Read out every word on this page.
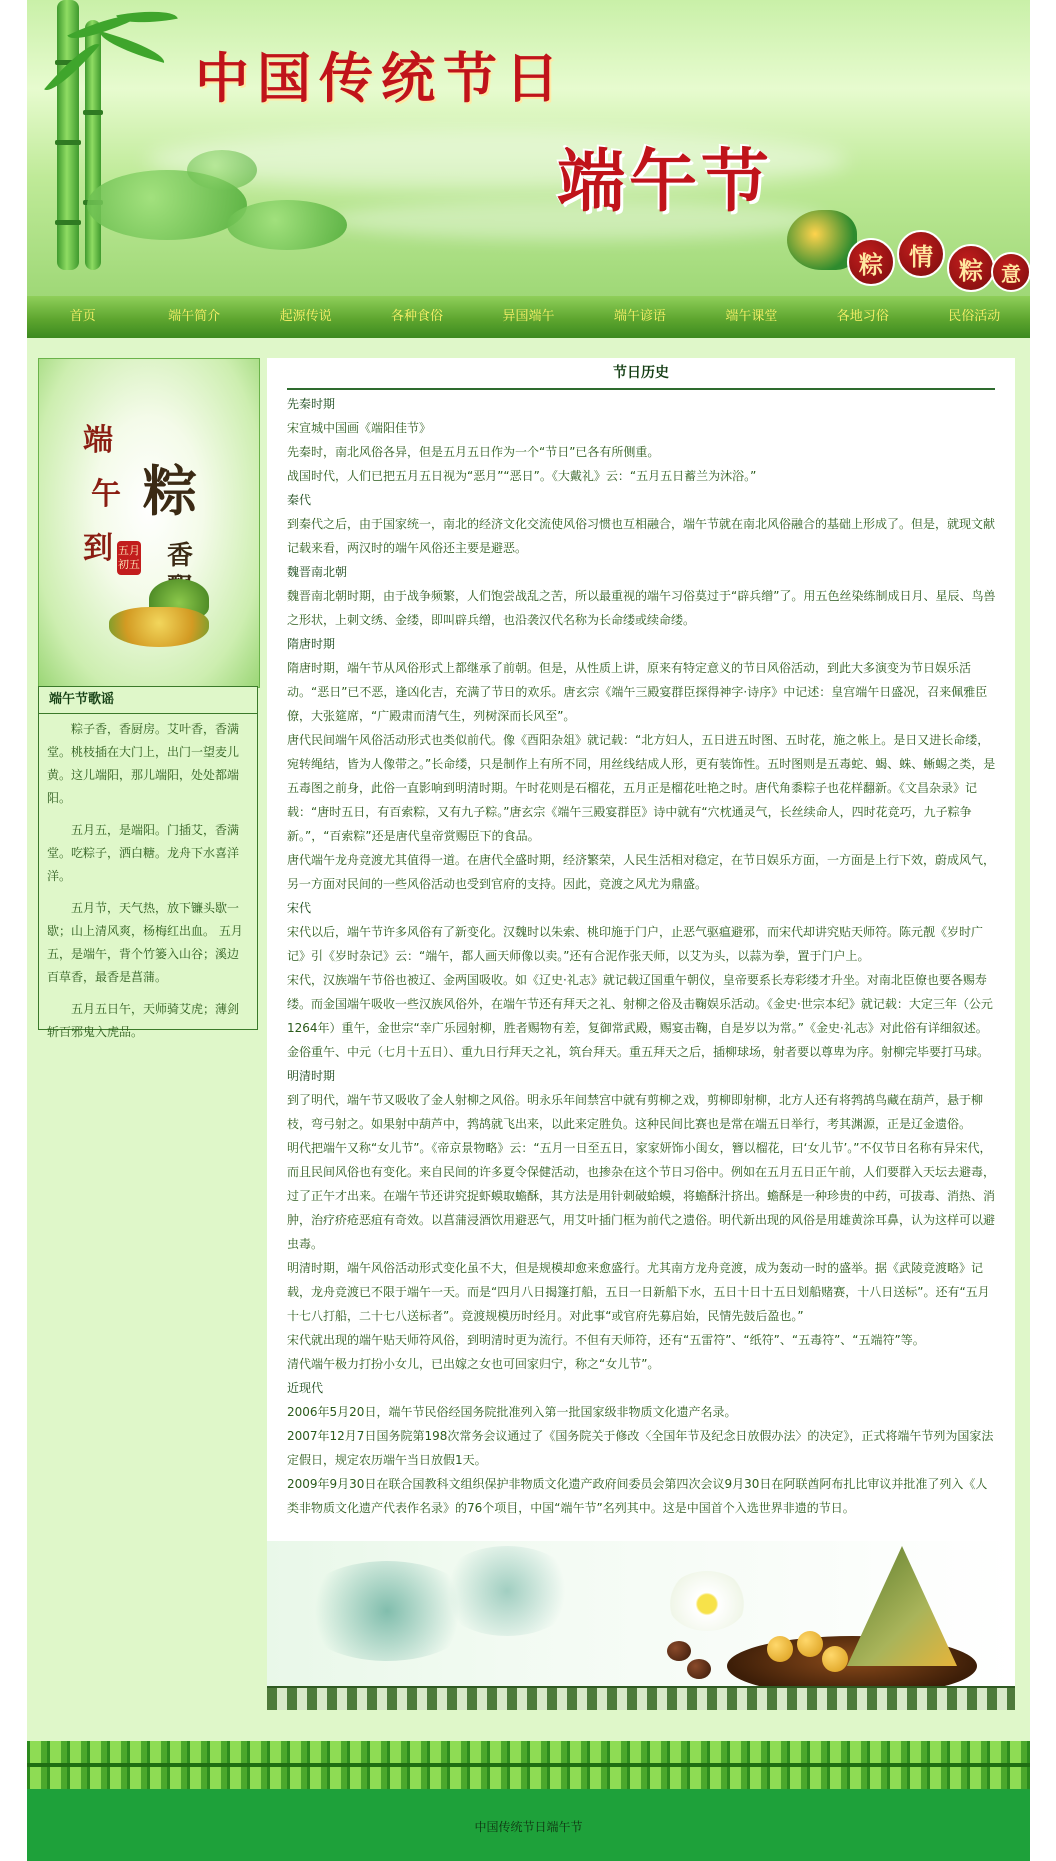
中国传统节日
端午节
粽	情	粽 意
首页	端午简介	起源传说	各种食俗	异国端午	端午谚语	端午课堂	各地习俗	民俗活动
端
午
到
粽
香
五月初五
端午节歌谣

粽子香，香厨房。艾叶香，香满堂。桃枝插在大门上，出门一望麦儿黄。这儿端阳，那儿端阳，处处都端阳。

五月五，是端阳。门插艾，香满堂。吃粽子，洒白糖。龙舟下水喜洋洋。

五月节，天气热，放下镰头歇一歇；山上清风爽，杨梅红出血。 五月五，是端午，背个竹篓入山谷；溪边百草香，最香是菖蒲。

五月五日午，天师骑艾虎；薄剑斩百邪鬼入虎品。

节日历史

先秦时期

宋宣城中国画《端阳佳节》

先秦时，南北风俗各异，但是五月五日作为一个“节日”已各有所侧重。

战国时代，人们已把五月五日视为“恶月”“恶日”。《大戴礼》云：“五月五日蓄兰为沐浴。”

秦代

到秦代之后，由于国家统一，南北的经济文化交流使风俗习惯也互相融合，端午节就在南北风俗融合的基础上形成了。但是，就现文献记载来看，两汉时的端午风俗还主要是避恶。

魏晋南北朝

魏晋南北朝时期，由于战争频繁，人们饱尝战乱之苦，所以最重视的端午习俗莫过于“辟兵缯”了。用五色丝染练制成日月、星辰、鸟兽之形状，上刺文绣、金缕，即叫辟兵缯，也沿袭汉代名称为长命缕或续命缕。

隋唐时期

隋唐时期，端午节从风俗形式上都继承了前朝。但是，从性质上讲，原来有特定意义的节日风俗活动，到此大多演变为节日娱乐活动。“恶日”已不恶，逢凶化吉，充满了节日的欢乐。唐玄宗《端午三殿宴群臣探得神字·诗序》中记述：皇宫端午日盛况，召来佩雅臣僚，大张筵席，“广殿肃而清气生，列树深而长风至”。

唐代民间端午风俗活动形式也类似前代。像《酉阳杂俎》就记载：“北方妇人，五日进五时图、五时花，施之帐上。是日又进长命缕，宛转绳结，皆为人像带之。”长命缕，只是制作上有所不同，用丝线结成人形，更有装饰性。五时图则是五毒蛇、蝎、蛛、蜥蜴之类，是五毒图之前身，此俗一直影响到明清时期。午时花则是石榴花，五月正是榴花吐艳之时。唐代角黍粽子也花样翻新。《文昌杂录》记载：“唐时五日，有百索粽，又有九子粽。”唐玄宗《端午三殿宴群臣》诗中就有“穴枕通灵气，长丝续命人，四时花竞巧，九子粽争新。”，“百索粽”还是唐代皇帝赏赐臣下的食品。

唐代端午龙舟竞渡尤其值得一道。在唐代全盛时期，经济繁荣，人民生活相对稳定，在节日娱乐方面，一方面是上行下效，蔚成风气，另一方面对民间的一些风俗活动也受到官府的支持。因此，竞渡之风尤为鼎盛。

宋代

宋代以后，端午节许多风俗有了新变化。汉魏时以朱索、桃印施于门户，止恶气驱瘟避邪，而宋代却讲究贴天师符。陈元靓《岁时广记》引《岁时杂记》云：“端午，都人画天师像以卖。”还有合泥作张天师，以艾为头，以蒜为拳，置于门户上。

宋代，汉族端午节俗也被辽、金两国吸收。如《辽史·礼志》就记载辽国重午朝仪，皇帝要系长寿彩缕才升坐。对南北臣僚也要各赐寿缕。而金国端午吸收一些汉族风俗外，在端午节还有拜天之礼、射柳之俗及击鞠娱乐活动。《金史·世宗本纪》就记载：大定三年（公元1264年）重午，金世宗“幸广乐园射柳，胜者赐物有差，复御常武殿，赐宴击鞠，自是岁以为常。”《金史·礼志》对此俗有详细叙述。金俗重午、中元（七月十五日）、重九日行拜天之礼，筑台拜天。重五拜天之后，插柳球场，射者要以尊卑为序。射柳完毕要打马球。

明清时期

到了明代，端午节又吸收了金人射柳之风俗。明永乐年间禁宫中就有剪柳之戏，剪柳即射柳，北方人还有将鹁鸪鸟藏在葫芦，悬于柳枝，弯弓射之。如果射中葫芦中，鹁鸪就飞出来，以此来定胜负。这种民间比赛也是常在端五日举行，考其渊源，正是辽金遗俗。

明代把端午又称“女儿节”。《帝京景物略》云：“五月一日至五日，家家妍饰小闺女，簪以榴花，曰‘女儿节’。”不仅节日名称有异宋代，而且民间风俗也有变化。来自民间的许多夏令保健活动，也掺杂在这个节日习俗中。例如在五月五日正午前，人们要群入天坛去避毒，过了正午才出来。在端午节还讲究捉虾蟆取蟾酥，其方法是用针刺破蛤蟆，将蟾酥汁挤出。蟾酥是一种珍贵的中药，可拔毒、消热、消肿，治疗疥疮恶疽有奇效。以菖蒲浸酒饮用避恶气，用艾叶插门框为前代之遗俗。明代新出现的风俗是用雄黄涂耳鼻，认为这样可以避虫毒。

明清时期，端午风俗活动形式变化虽不大，但是规模却愈来愈盛行。尤其南方龙舟竞渡，成为轰动一时的盛举。据《武陵竞渡略》记载，龙舟竞渡已不限于端午一天。而是“四月八日揭篷打船，五日一日新船下水，五日十日十五日划船赌赛，十八日送标”。还有“五月十七八打船，二十七八送标者”。竞渡规模历时经月。对此事“或官府先募启始，民情先鼓后盈也。”

宋代就出现的端午贴天师符风俗，到明清时更为流行。不但有天师符，还有“五雷符”、“纸符”、“五毒符”、“五端符”等。

清代端午极力打扮小女儿，已出嫁之女也可回家归宁，称之“女儿节”。

近现代

2006年5月20日，端午节民俗经国务院批准列入第一批国家级非物质文化遗产名录。

2007年12月7日国务院第198次常务会议通过了《国务院关于修改〈全国年节及纪念日放假办法〉的决定》，正式将端午节列为国家法定假日，规定农历端午当日放假1天。

2009年9月30日在联合国教科文组织保护非物质文化遗产政府间委员会第四次会议9月30日在阿联酋阿布扎比审议并批准了列入《人类非物质文化遗产代表作名录》的76个项目，中国“端午节”名列其中。这是中国首个入选世界非遗的节日。

中国传统节日端午节
